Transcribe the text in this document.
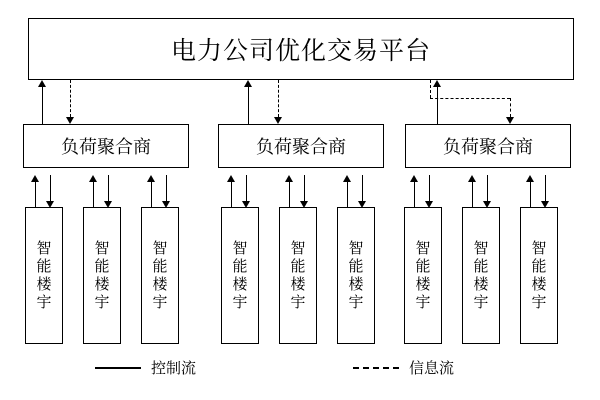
电力公司优化交易平台
负荷聚合商	负荷聚合商	负荷聚合商
智能楼宇
智能楼宇
智能楼宇
智能楼宇
智能楼宇
智能楼宇
智能楼宇
智能楼宇
智能楼宇
控制流	信息流
